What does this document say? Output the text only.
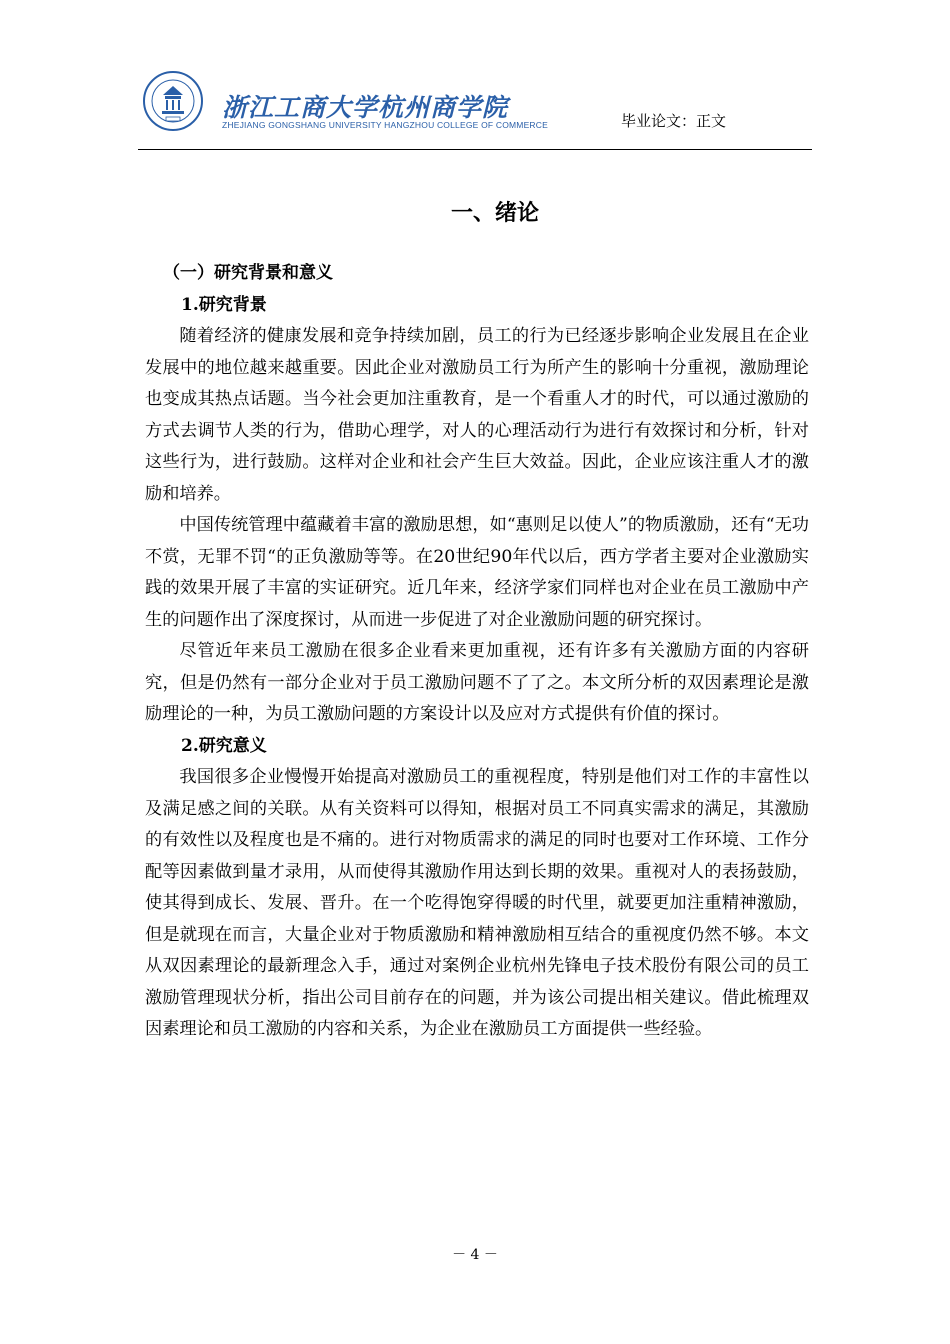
浙江工商大学杭州商学院
ZHEJIANG GONGSHANG UNIVERSITY HANGZHOU COLLEGE OF COMMERCE	毕业论文：正文
一、绪论

（一）研究背景和意义

1.研究背景

随着经济的健康发展和竞争持续加剧，员工的行为已经逐步影响企业发展且在企业发展中的地位越来越重要。因此企业对激励员工行为所产生的影响十分重视，激励理论也变成其热点话题。当今社会更加注重教育，是一个看重人才的时代，可以通过激励的方式去调节人类的行为，借助心理学，对人的心理活动行为进行有效探讨和分析，针对这些行为，进行鼓励。这样对企业和社会产生巨大效益。因此，企业应该注重人才的激励和培养。

中国传统管理中蕴藏着丰富的激励思想，如“惠则足以使人”的物质激励，还有“无功不赏，无罪不罚“的正负激励等等。在20世纪90年代以后，西方学者主要对企业激励实践的效果开展了丰富的实证研究。近几年来，经济学家们同样也对企业在员工激励中产生的问题作出了深度探讨，从而进一步促进了对企业激励问题的研究探讨。

尽管近年来员工激励在很多企业看来更加重视，还有许多有关激励方面的内容研究，但是仍然有一部分企业对于员工激励问题不了了之。本文所分析的双因素理论是激励理论的一种，为员工激励问题的方案设计以及应对方式提供有价值的探讨。

2.研究意义

我国很多企业慢慢开始提高对激励员工的重视程度，特别是他们对工作的丰富性以及满足感之间的关联。从有关资料可以得知，根据对员工不同真实需求的满足，其激励的有效性以及程度也是不痛的。进行对物质需求的满足的同时也要对工作环境、工作分配等因素做到量才录用，从而使得其激励作用达到长期的效果。重视对人的表扬鼓励，使其得到成长、发展、晋升。在一个吃得饱穿得暖的时代里，就要更加注重精神激励，但是就现在而言，大量企业对于物质激励和精神激励相互结合的重视度仍然不够。本文从双因素理论的最新理念入手，通过对案例企业杭州先锋电子技术股份有限公司的员工激励管理现状分析，指出公司目前存在的问题，并为该公司提出相关建议。借此梳理双因素理论和员工激励的内容和关系，为企业在激励员工方面提供一些经验。

－ 4 －
